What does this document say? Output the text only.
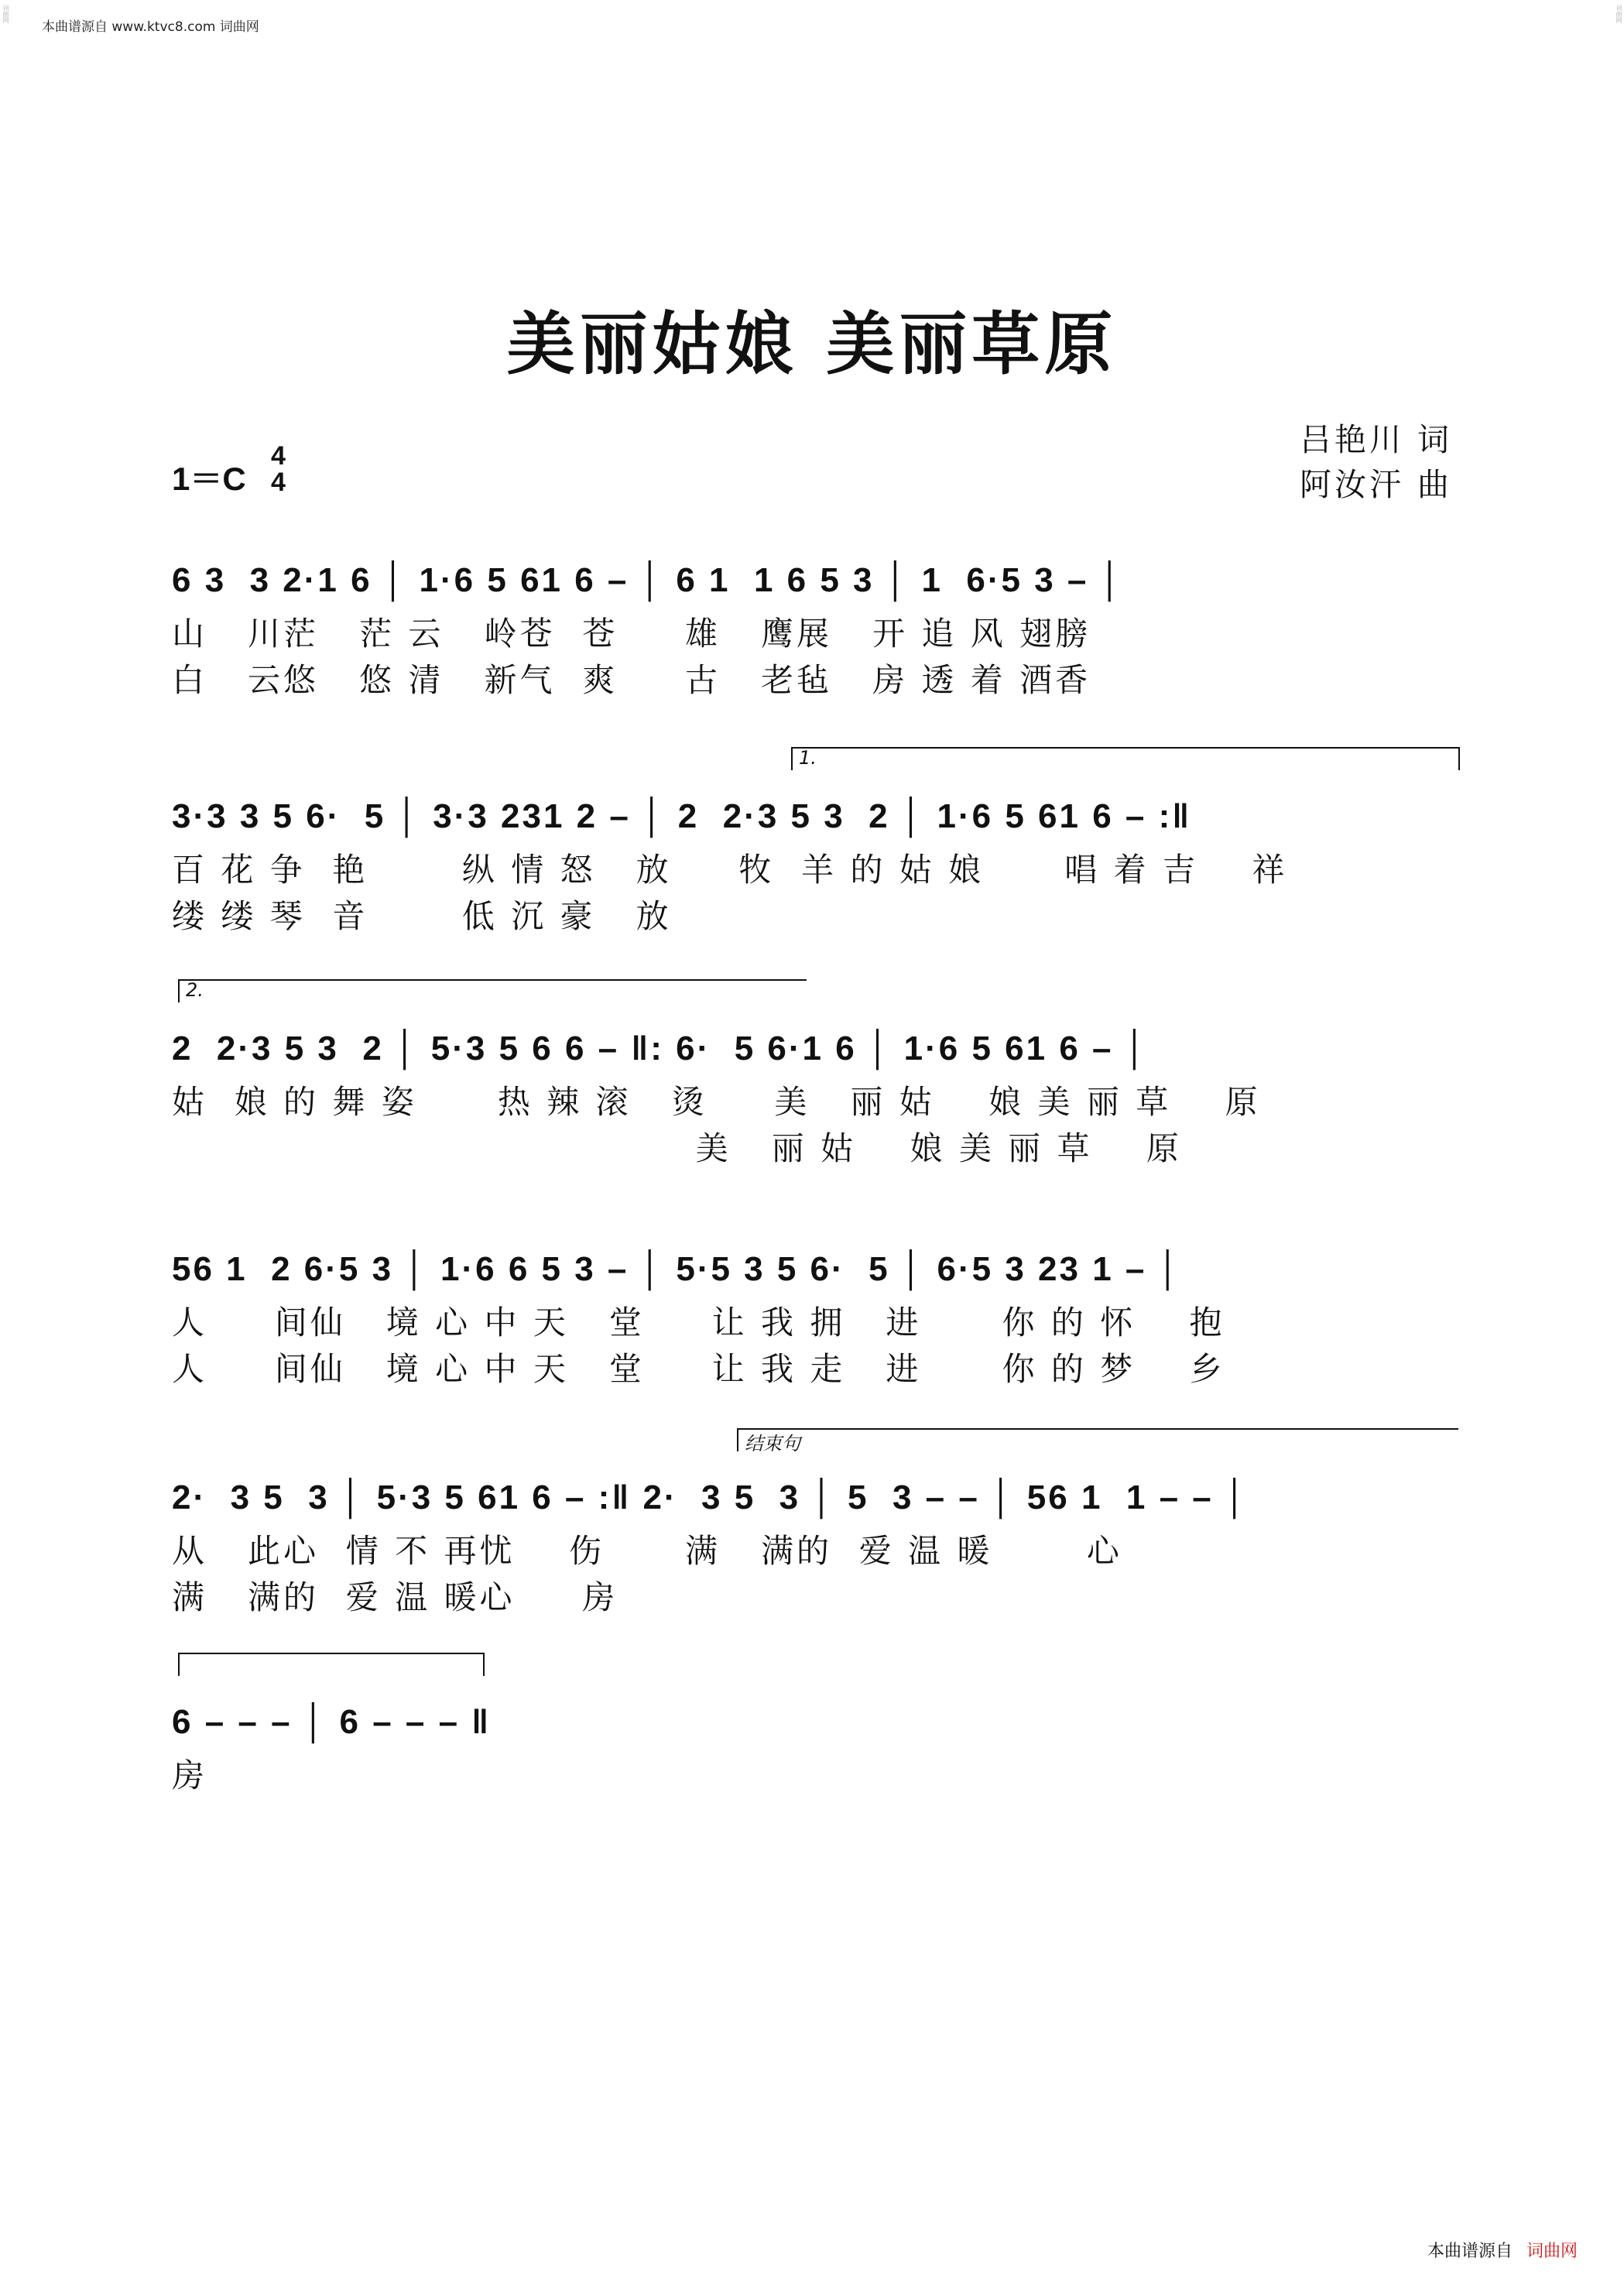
本曲谱源自 www.ktvc8.com 词曲网
词曲网	词曲网
美丽姑娘 美丽草原
吕艳川 词
阿汝汗 曲
1＝C
4
4
6 3  3 2·1 6 │ 1·6 5 61 6 – │ 6 1  1 6 5 3 │ 1  6·5 3 – │
山   川茫   茫 云   岭苍  苍     雄   鹰展   开 追 风 翅膀
白   云悠   悠 清   新气  爽     古   老毡   房 透 着 酒香
1.
3·3 3 5 6·  5 │ 3·3 231 2 – │ 2  2·3 5 3  2 │ 1·6 5 61 6 – :‖
百 花 争  艳       纵 情 怒   放     牧  羊 的 姑 娘      唱 着 吉    祥
缕 缕 琴  音       低 沉 豪   放
2.
2  2·3 5 3  2 │ 5·3 5 6 6 – ‖: 6·  5 6·1 6 │ 1·6 5 61 6 – │
姑  娘 的 舞 姿      热 辣 滚   烫     美   丽 姑    娘 美 丽 草    原
美   丽 姑    娘 美 丽 草    原
56 1  2 6·5 3 │ 1·6 6 5 3 – │ 5·5 3 5 6·  5 │ 6·5 3 23 1 – │
人     间仙   境 心 中 天   堂     让 我 拥   进      你 的 怀    抱
人     间仙   境 心 中 天   堂     让 我 走   进      你 的 梦    乡
结束句
2·  3 5  3 │ 5·3 5 61 6 – :‖ 2·  3 5  3 │ 5  3 – – │ 56 1  1 – – │
从   此心  情 不 再忧    伤      满   满的  爱 温 暖       心
满   满的  爱 温 暖心     房
6 – – – │ 6 – – – ‖
房
本曲谱源自 词曲网
